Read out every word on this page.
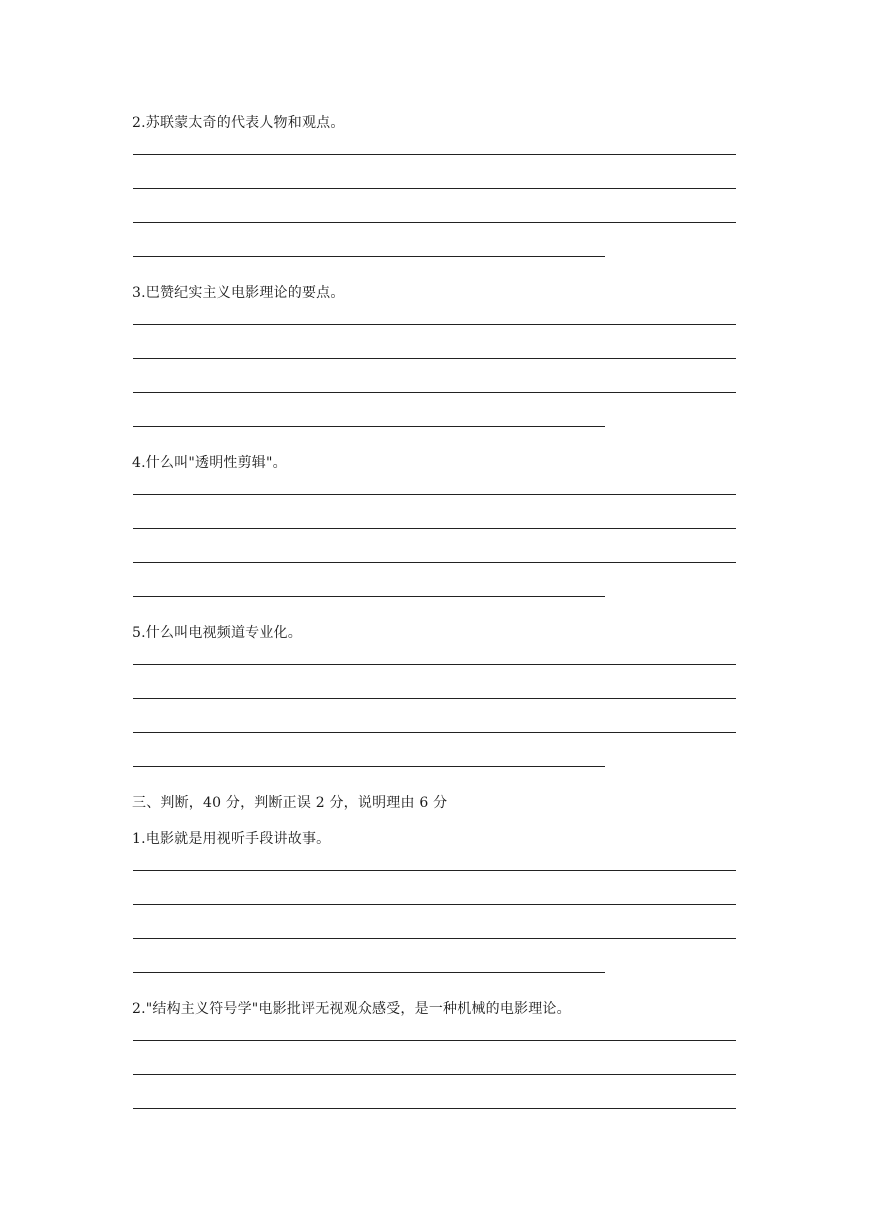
2.苏联蒙太奇的代表人物和观点。
3.巴赞纪实主义电影理论的要点。
4.什么叫"透明性剪辑"。
5.什么叫电视频道专业化。
三、判断，40 分，判断正误 2 分，说明理由 6 分
1.电影就是用视听手段讲故事。
2."结构主义符号学"电影批评无视观众感受，是一种机械的电影理论。
